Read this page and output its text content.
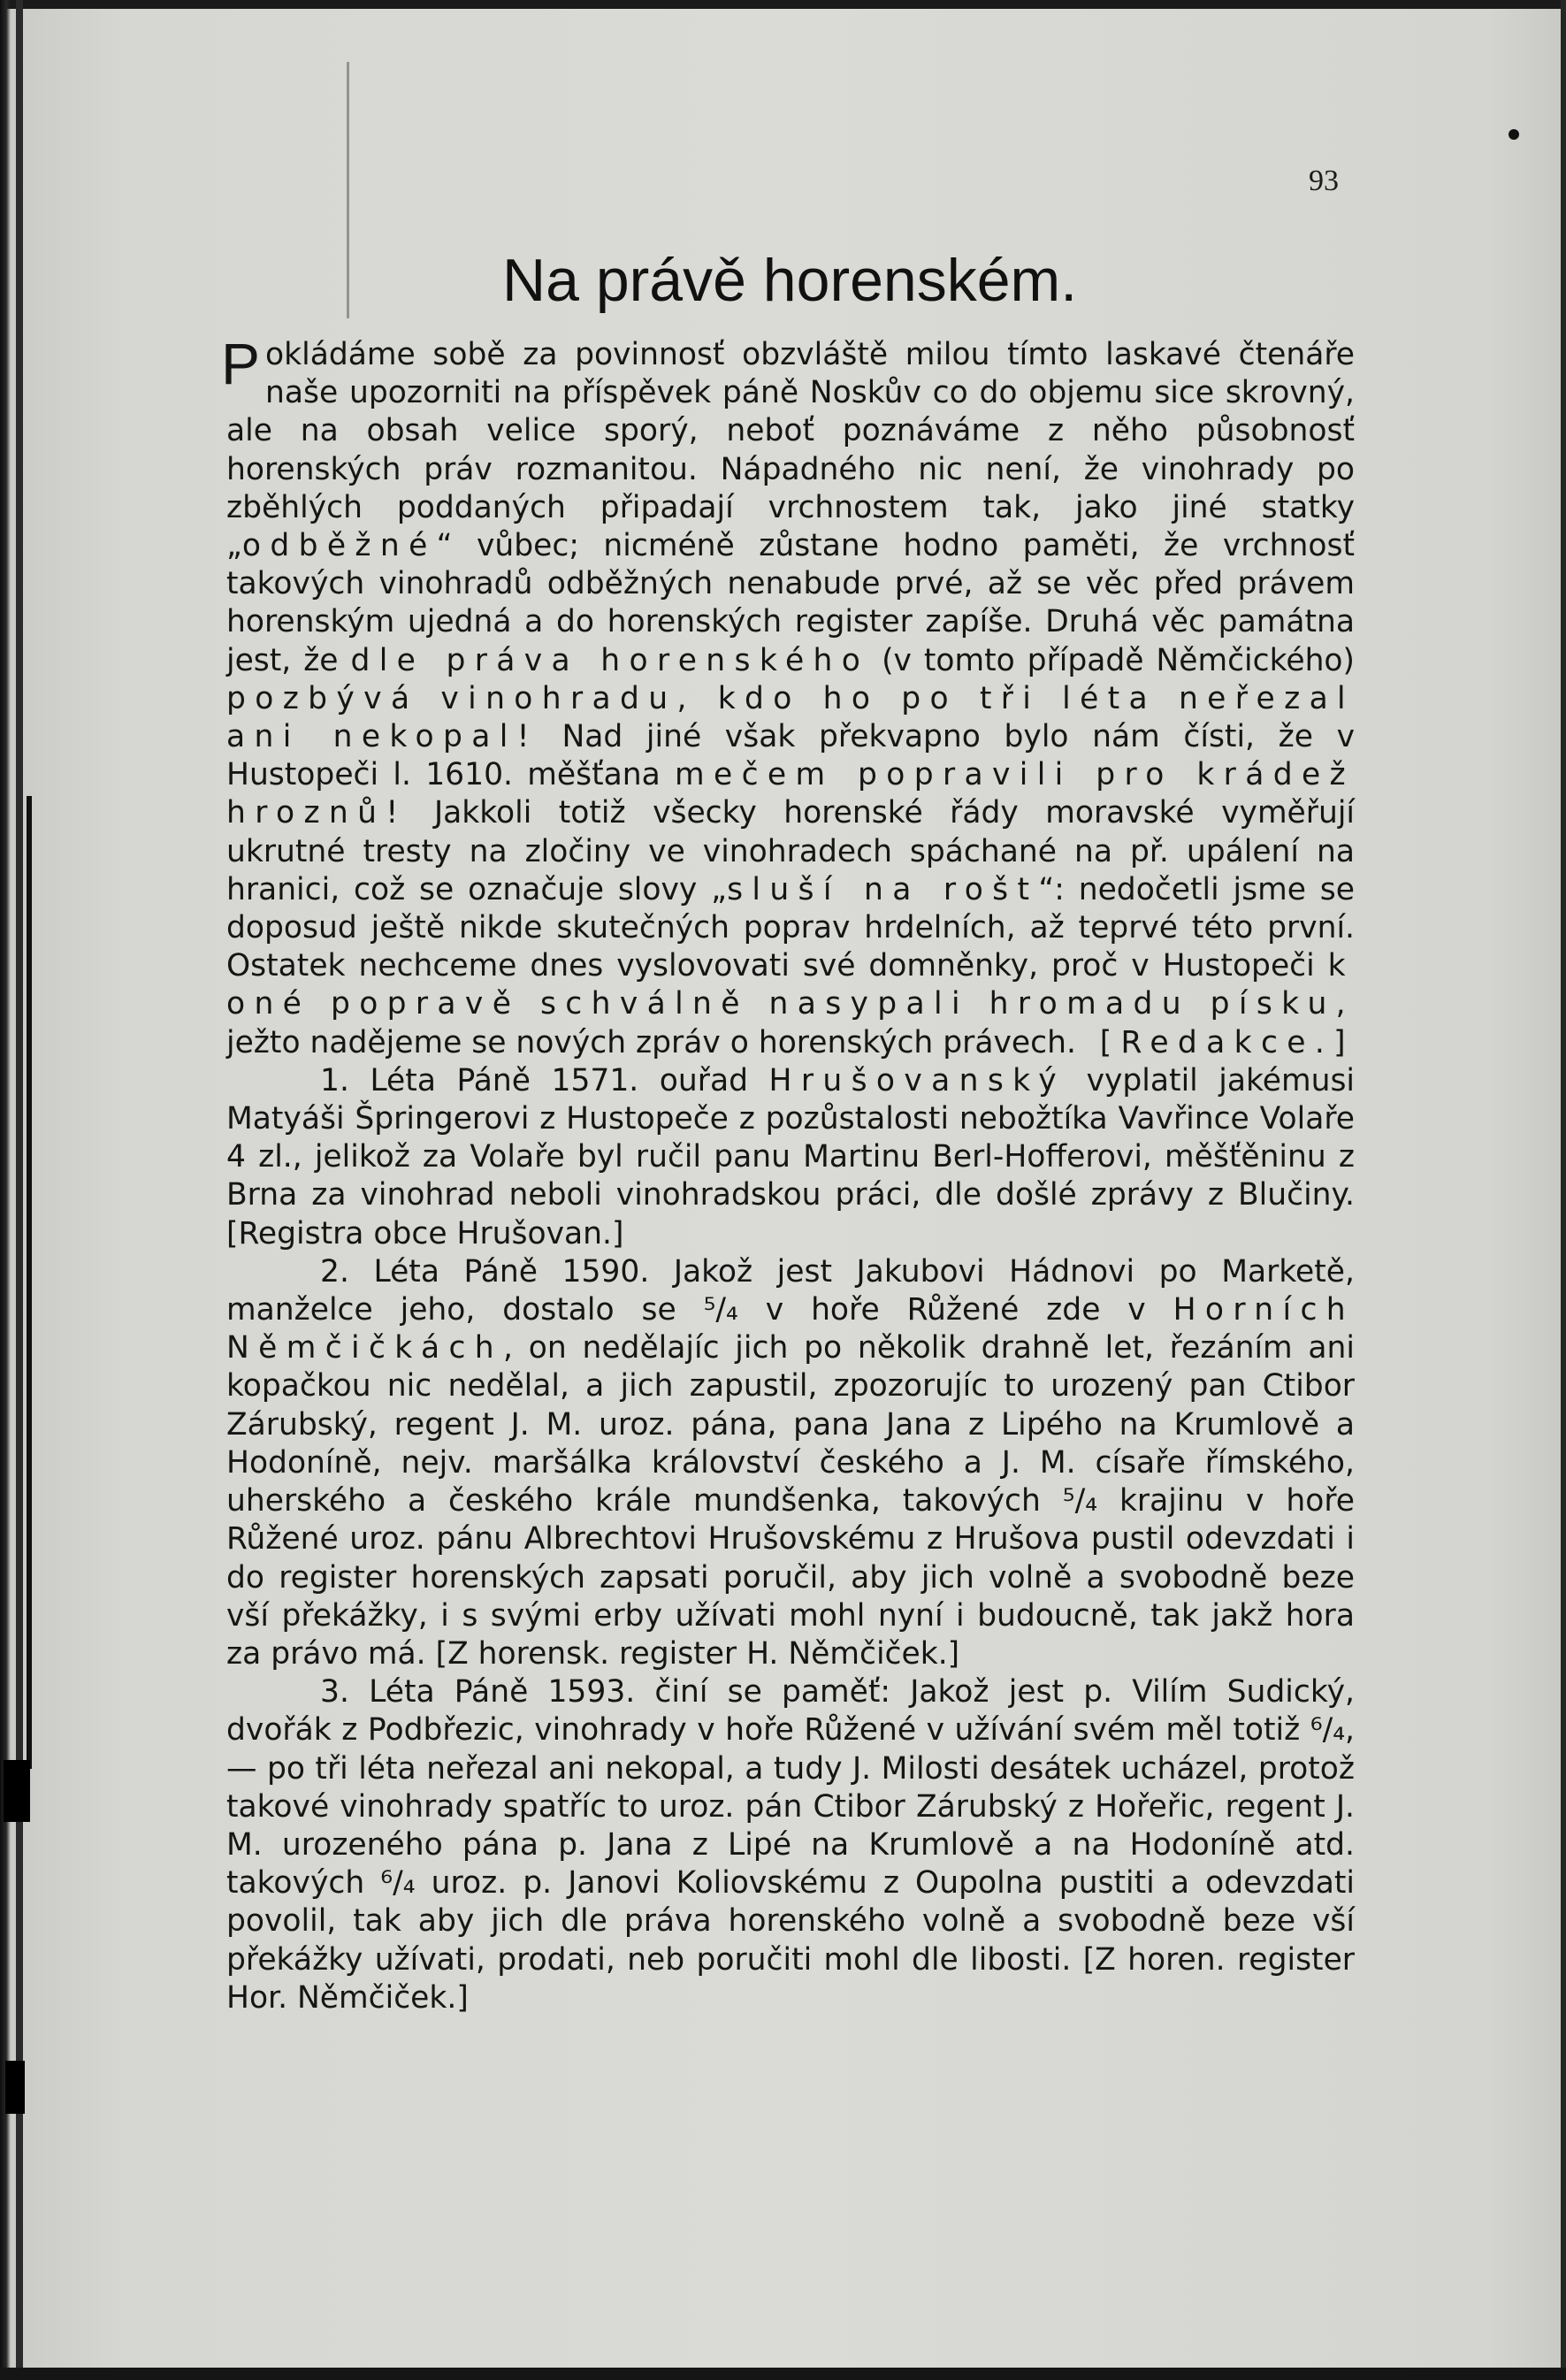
93
Na právě horenském.

Pokládáme sobě za povinnosť obzvláště milou tímto laskavé čtenáře naše upozorniti na příspěvek páně Noskův co do objemu sice skrovný, ale na obsah velice sporý, neboť poznáváme z něho působnosť horenských práv rozmanitou. Nápadného nic není, že vinohrady po zběhlých poddaných připadají vrchnostem tak, jako jiné statky „odběžné“ vůbec; nicméně zůstane hodno paměti, že vrchnosť takových vinohradů odběžných nenabude prvé, až se věc před právem horenským ujedná a do horenských register zapíše. Druhá věc památna jest, že dle práva horenského (v tomto případě Němčického) pozbývá vinohradu, kdo ho po tři léta neřezal ani nekopal! Nad jiné však překvapno bylo nám čísti, že v Hustopeči l. 1610. měšťana mečem popravili pro krádež hroznů! Jakkoli totiž všecky horenské řády moravské vyměřují ukrutné tresty na zločiny ve vinohradech spáchané na př. upálení na hranici, což se označuje slovy „sluší na rošt“: nedočetli jsme se doposud ještě nikde skutečných poprav hrdelních, až teprvé této první. Ostatek nechceme dnes vyslovovati své domněnky, proč v Hustopeči k oné popravě schválně nasypali hromadu písku, ježto nadějeme se nových zpráv o horenských právech. [Redakce.]

1. Léta Páně 1571. ouřad Hrušovanský vyplatil jakémusi Matyáši Špringerovi z Hustopeče z pozůstalosti nebožtíka Vavřince Volaře 4 zl., jelikož za Volaře byl ručil panu Martinu Berl-Hofferovi, měšťěninu z Brna za vinohrad neboli vinohradskou práci, dle došlé zprávy z Blučiny. [Registra obce Hrušovan.]

2. Léta Páně 1590. Jakož jest Jakubovi Hádnovi po Marketě, manželce jeho, dostalo se ⁵/₄ v hoře Růžené zde v Horních Němčičkách, on nedělajíc jich po několik drahně let, řezáním ani kopačkou nic nedělal, a jich zapustil, zpozorujíc to urozený pan Ctibor Zárubský, regent J. M. uroz. pána, pana Jana z Lipého na Krumlově a Hodoníně, nejv. maršálka království českého a J. M. císaře římského, uherského a českého krále mundšenka, takových ⁵/₄ krajinu v hoře Růžené uroz. pánu Albrechtovi Hrušovskému z Hrušova pustil odevzdati i do register horenských zapsati poručil, aby jich volně a svobodně beze vší překážky, i s svými erby užívati mohl nyní i budoucně, tak jakž hora za právo má. [Z horensk. register H. Němčiček.]

3. Léta Páně 1593. činí se paměť: Jakož jest p. Vilím Sudický, dvořák z Podbřezic, vinohrady v hoře Růžené v užívání svém měl totiž ⁶/₄, — po tři léta neřezal ani nekopal, a tudy J. Milosti desátek ucházel, protož takové vinohrady spatříc to uroz. pán Ctibor Zárubský z Hořeřic, regent J. M. urozeného pána p. Jana z Lipé na Krumlově a na Hodoníně atd. takových ⁶/₄ uroz. p. Janovi Koliovskému z Oupolna pustiti a odevzdati povolil, tak aby jich dle práva horenského volně a svobodně beze vší překážky užívati, prodati, neb poručiti mohl dle libosti. [Z horen. register Hor. Němčiček.]
